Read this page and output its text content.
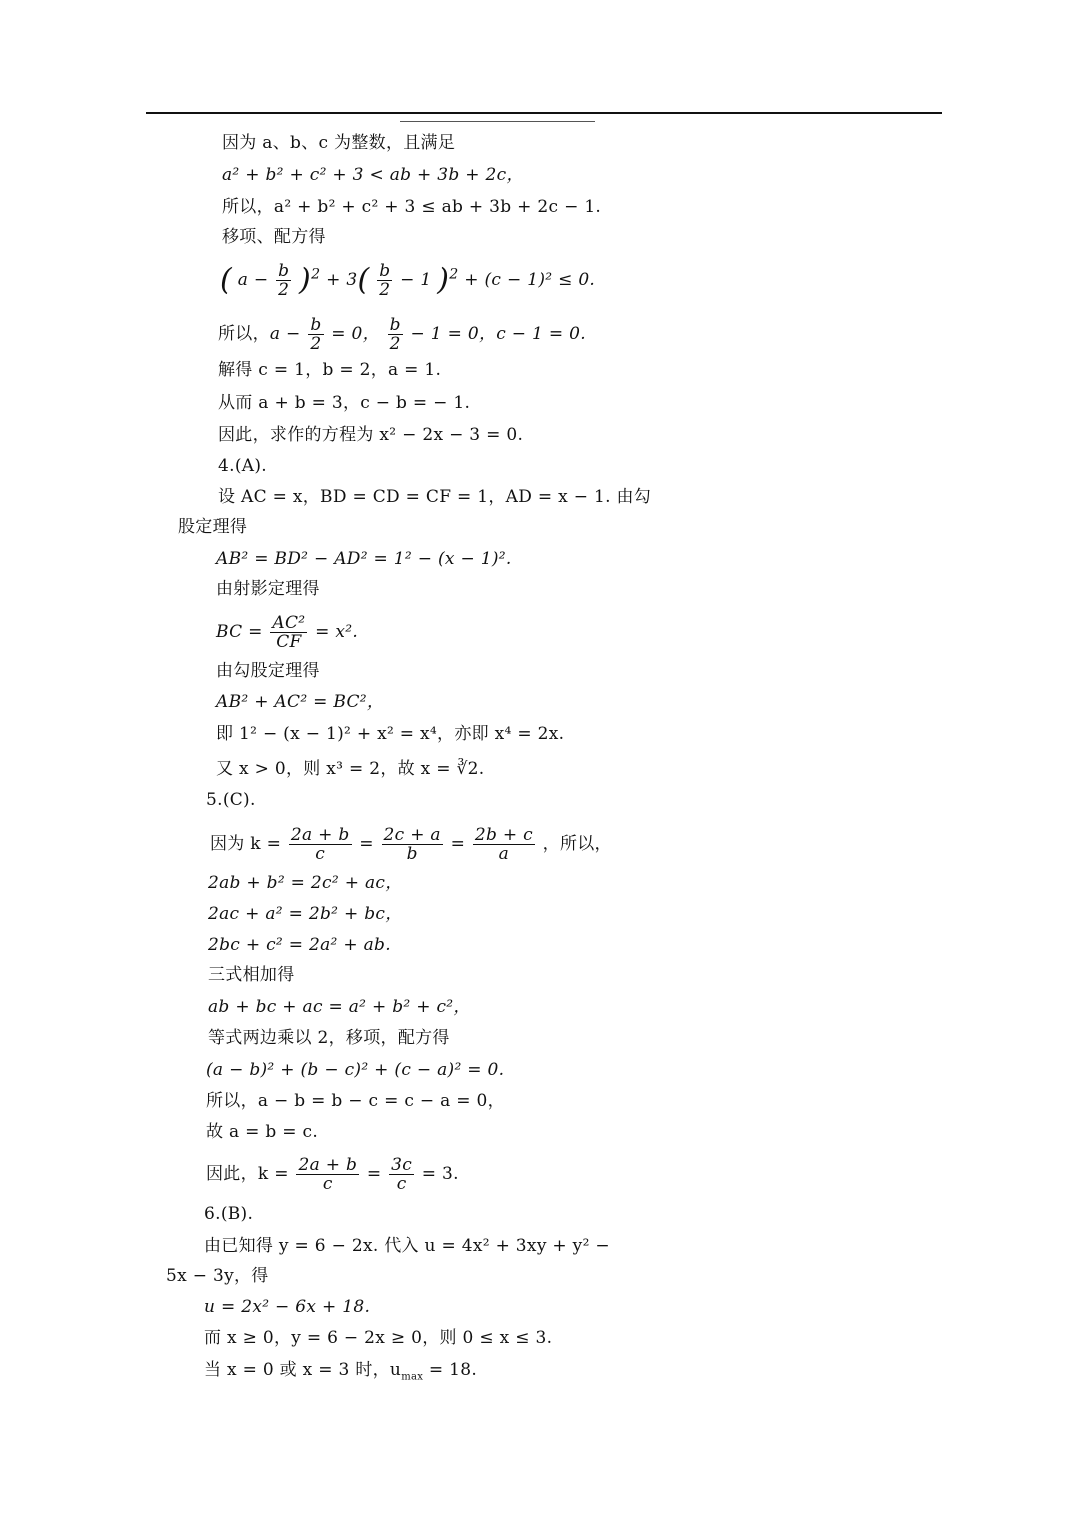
因为 a、b、c 为整数，且满足
a² + b² + c² + 3 < ab + 3b + 2c，
所以，a² + b² + c² + 3 ≤ ab + 3b + 2c − 1.
移项、配方得
( $a - \frac{b}{2} )^2 + 3( \frac{b}{2} - 1$ )$^2$ + (c − 1)² ≤ 0.
所以，$a - \frac{b}{2} = 0$， $\frac{b}{2} - 1 = 0$，c − 1 = 0.
解得 c = 1，b = 2，a = 1.
从而 a + b = 3，c − b = − 1.
因此，求作的方程为 x² − 2x − 3 = 0.
4.(A).
设 AC = x，BD = CD = CF = 1，AD = x − 1. 由勾
股定理得
AB² = BD² − AD² = 1² − (x − 1)².
由射影定理得
BC = $\frac{\text{AC²}}{CF} = x^2$.
由勾股定理得
AB² + AC² = BC²，
即 1² − (x − 1)² + x² = x⁴，亦即 x⁴ = 2x.
又 x > 0，则 x³ = 2，故 x = ∛2.
5.(C).
因为 $k = \frac{2a + b}{c} = \frac{2c + a}{b} = \frac{2b + c}{a}$ ，所以，
2ab + b² = 2c² + ac，
2ac + a² = 2b² + bc，
2bc + c² = 2a² + ab.
三式相加得
ab + bc + ac = a² + b² + c²，
等式两边乘以 2，移项，配方得
(a − b)² + (b − c)² + (c − a)² = 0.
所以，a − b = b − c = c − a = 0，
故 a = b = c.
因此，$k = \frac{2a + b}{c} = \frac{3c}{c} = 3$.
6.(B).
由已知得 y = 6 − 2x. 代入 u = 4x² + 3xy + y² −
5x − 3y，得
u = 2x² − 6x + 18.
而 x ≥ 0，y = 6 − 2x ≥ 0，则 0 ≤ x ≤ 3.
当 x = 0 或 x = 3 时，$u_{max} = 18$.
